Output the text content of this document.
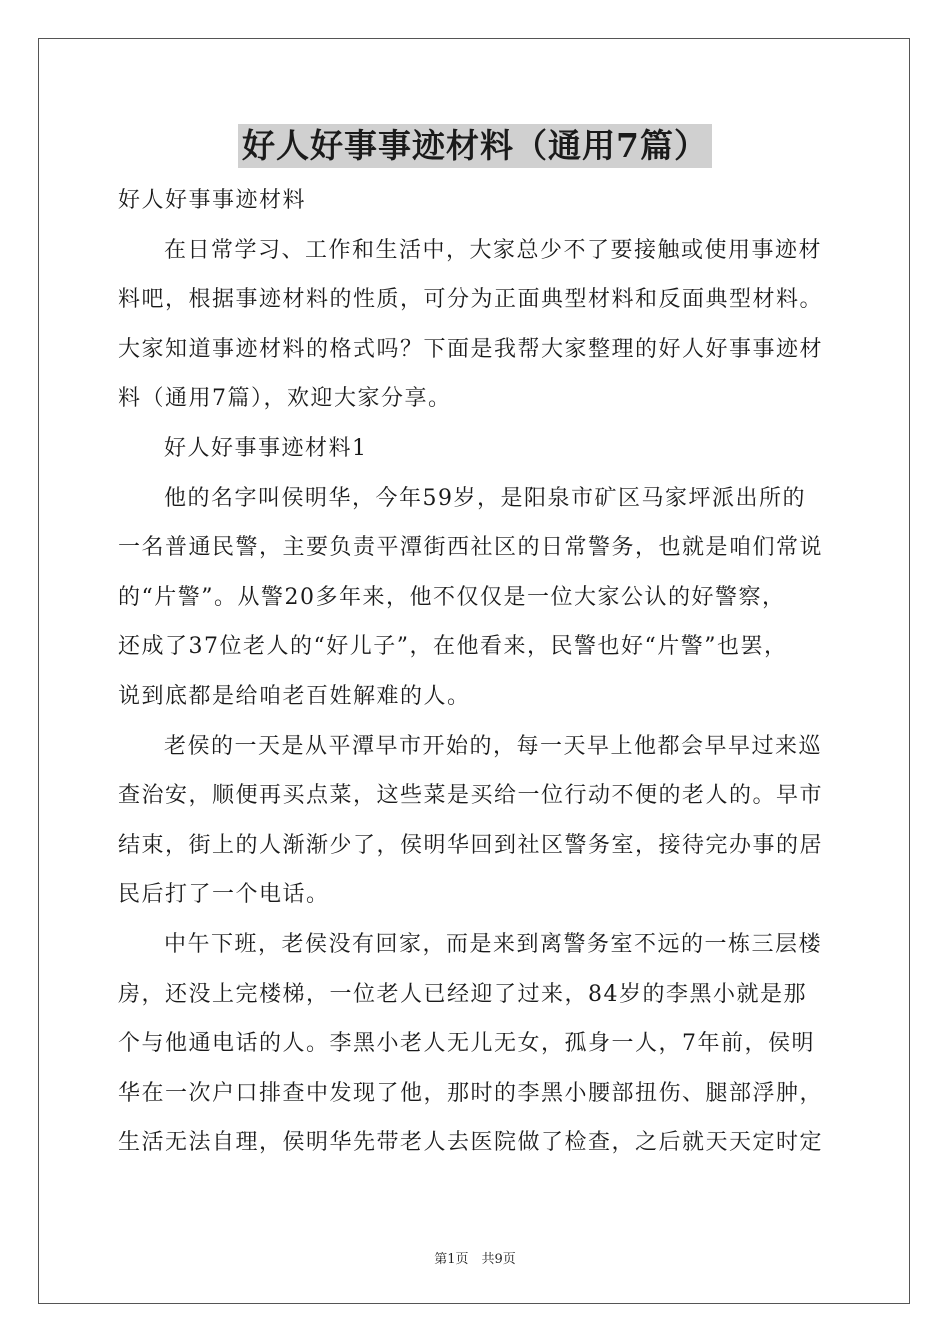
好人好事事迹材料（通用7篇）
好人好事事迹材料
在日常学习、工作和生活中，大家总少不了要接触或使用事迹材
料吧，根据事迹材料的性质，可分为正面典型材料和反面典型材料。
大家知道事迹材料的格式吗？下面是我帮大家整理的好人好事事迹材
料（通用7篇），欢迎大家分享。
好人好事事迹材料1
他的名字叫侯明华，今年59岁，是阳泉市矿区马家坪派出所的
一名普通民警，主要负责平潭街西社区的日常警务，也就是咱们常说
的“片警”。从警20多年来，他不仅仅是一位大家公认的好警察，
还成了37位老人的“好儿子”，在他看来，民警也好“片警”也罢，
说到底都是给咱老百姓解难的人。
老侯的一天是从平潭早市开始的，每一天早上他都会早早过来巡
查治安，顺便再买点菜，这些菜是买给一位行动不便的老人的。早市
结束，街上的人渐渐少了，侯明华回到社区警务室，接待完办事的居
民后打了一个电话。
中午下班，老侯没有回家，而是来到离警务室不远的一栋三层楼
房，还没上完楼梯，一位老人已经迎了过来，84岁的李黑小就是那
个与他通电话的人。李黑小老人无儿无女，孤身一人，7年前，侯明
华在一次户口排查中发现了他，那时的李黑小腰部扭伤、腿部浮肿，
生活无法自理，侯明华先带老人去医院做了检查，之后就天天定时定
第1页　共9页
